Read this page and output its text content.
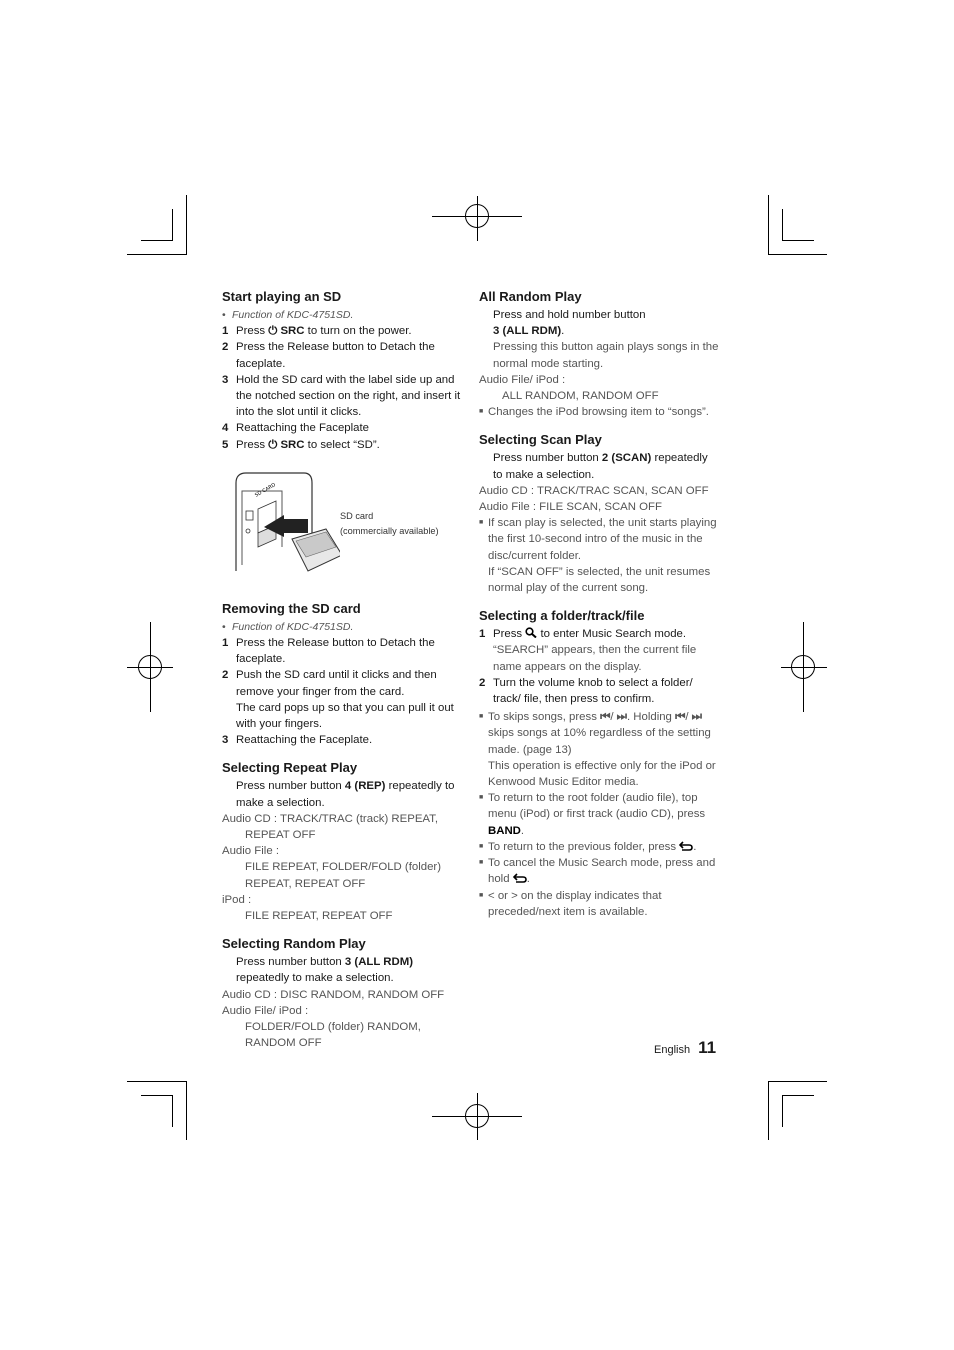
Start playing an SD
• Function of KDC-4751SD.
1 Press ⏻ SRC to turn on the power.
2 Press the Release button to Detach the faceplate.
3 Hold the SD card with the label side up and the notched section on the right, and insert it into the slot until it clicks.
4 Reattaching the Faceplate
5 Press ⏻ SRC to select “SD”.
SD CARD
SD card
(commercially available)
Removing the SD card
• Function of KDC-4751SD.
1 Press the Release button to Detach the faceplate.
2 Push the SD card until it clicks and then remove your finger from the card.
The card pops up so that you can pull it out with your fingers.
3 Reattaching the Faceplate.
Selecting Repeat Play
Press number button 4 (REP) repeatedly to make a selection.
Audio CD : TRACK/TRAC (track) REPEAT,
REPEAT OFF
Audio File :
FILE REPEAT, FOLDER/FOLD (folder) REPEAT, REPEAT OFF
iPod :
FILE REPEAT, REPEAT OFF
Selecting Random Play
Press number button 3 (ALL RDM) repeatedly to make a selection.
Audio CD : DISC RANDOM, RANDOM OFF
Audio File/ iPod :
FOLDER/FOLD (folder) RANDOM, RANDOM OFF
All Random Play
Press and hold number button
3 (ALL RDM).
Pressing this button again plays songs in the normal mode starting.
Audio File/ iPod :
ALL RANDOM, RANDOM OFF
■ Changes the iPod browsing item to “songs”.
Selecting Scan Play
Press number button 2 (SCAN) repeatedly to make a selection.
Audio CD : TRACK/TRAC SCAN, SCAN OFF
Audio File : FILE SCAN, SCAN OFF
■ If scan play is selected, the unit starts playing the first 10-second intro of the music in the disc/current folder.
If “SCAN OFF” is selected, the unit resumes normal play of the current song.
Selecting a folder/track/file
1 Press  to enter Music Search mode.
“SEARCH” appears, then the current file name appears on the display.
2 Turn the volume knob to select a folder/ track/ file, then press to confirm.
■ To skips songs, press ⏮/ ⏭. Holding ⏮/ ⏭ skips songs at 10% regardless of the setting made. (page 13)
This operation is effective only for the iPod or Kenwood Music Editor media.
■ To return to the root folder (audio file), top menu (iPod) or first track (audio CD), press BAND.
■ To return to the previous folder, press .
■ To cancel the Music Search mode, press and hold .
■ < or > on the display indicates that preceded/next item is available.
English 11
